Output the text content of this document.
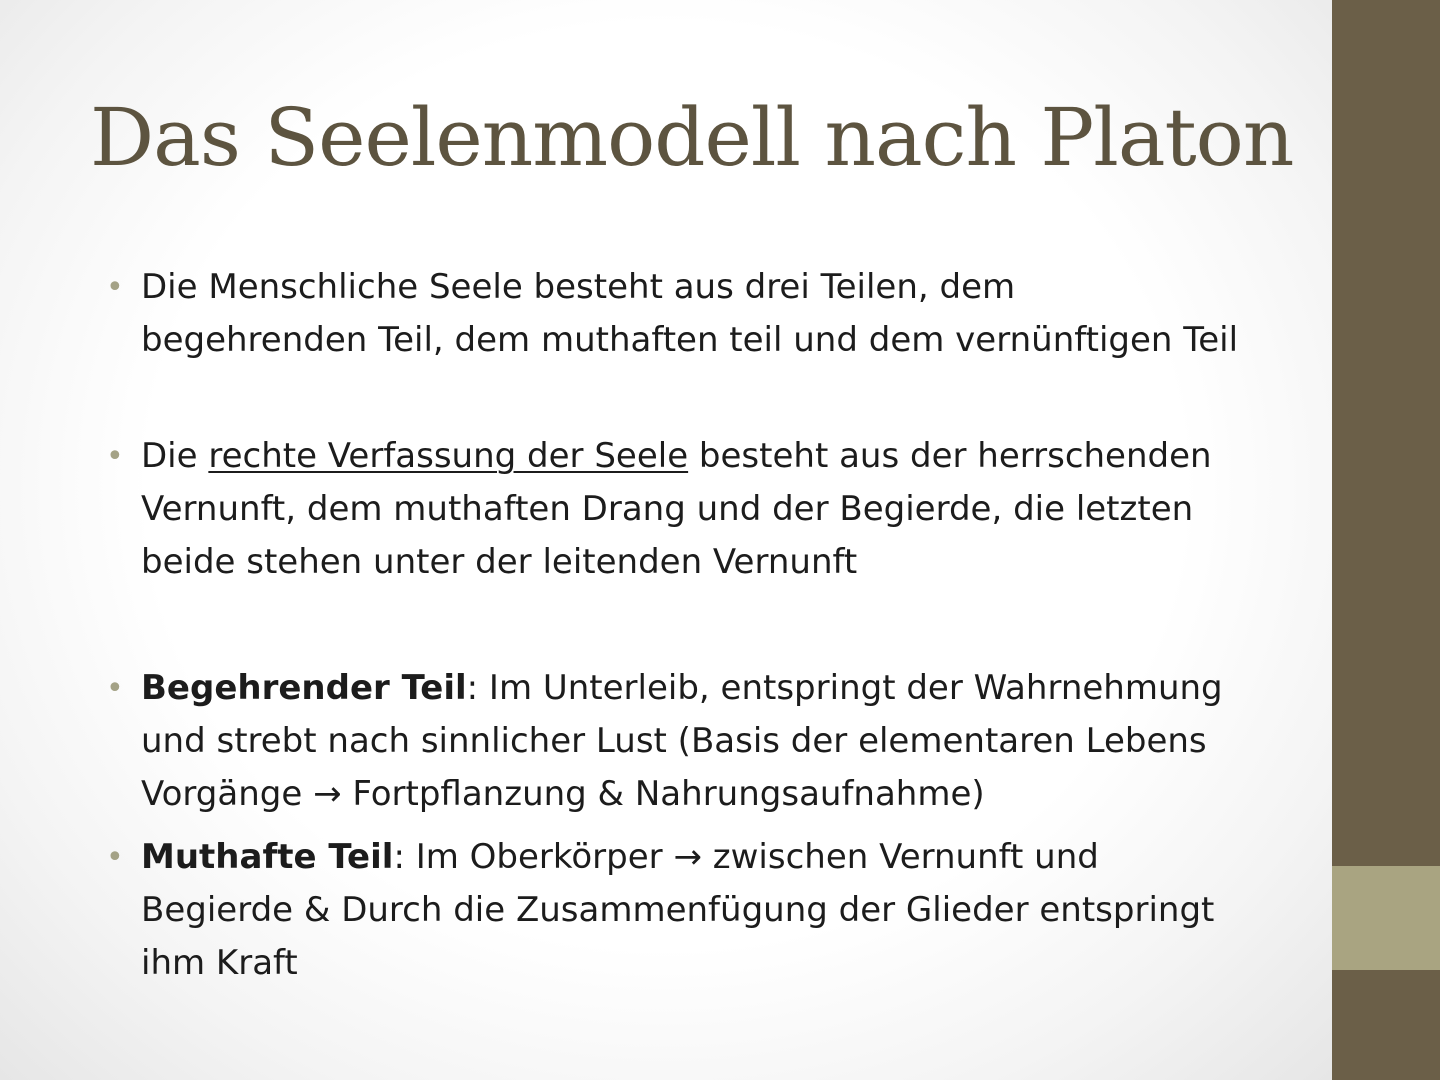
Das Seelenmodell nach Platon
• Die Menschliche Seele besteht aus drei Teilen, dem begehrenden Teil, dem muthaften teil und dem vernünftigen Teil
• Die rechte Verfassung der Seele besteht aus der herrschenden Vernunft, dem muthaften Drang und der Begierde, die letzten beide stehen unter der leitenden Vernunft
• Begehrender Teil: Im Unterleib, entspringt der Wahrnehmung und strebt nach sinnlicher Lust (Basis der elementaren Lebens Vorgänge → Fortpflanzung & Nahrungsaufnahme)
• Muthafte Teil: Im Oberkörper → zwischen Vernunft und Begierde & Durch die Zusammenfügung der Glieder entspringt ihm Kraft
